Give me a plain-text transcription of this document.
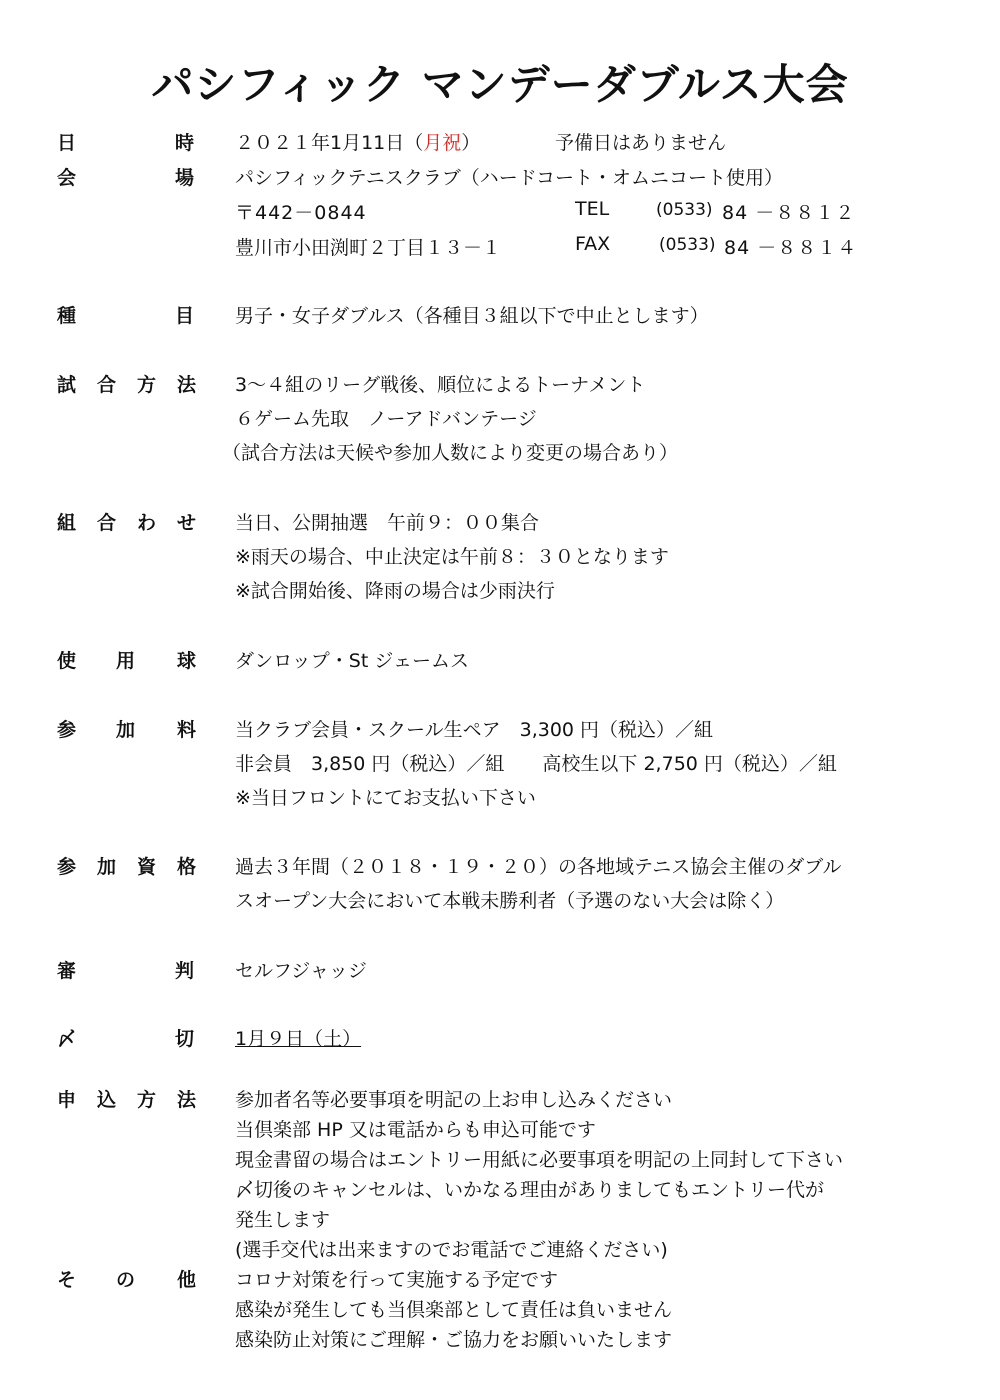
パシフィック マンデーダブルス大会
日	時 ２０２１年1月11日（月祝）	予備日はありません
会	場 パシフィックテニスクラブ（ハードコート・オムニコート使用）
〒442－0844
豊川市小田渕町２丁目１３－１
TEL	(0533) 84 －８８１２
FAX	(0533) 84 －８８１４
種	目 男子・女子ダブルス（各種目３組以下で中止とします）
試 合 方 法 3～４組のリーグ戦後、順位によるトーナメント
６ゲーム先取　ノーアドバンテージ
（試合方法は天候や参加人数により変更の場合あり）
組 合 わ せ 当日、公開抽選　午前９：００集合
※雨天の場合、中止決定は午前８：３０となります
※試合開始後、降雨の場合は少雨決行
使 用 球 ダンロップ・St ジェームス
参 加 料 当クラブ会員・スクール生ペア　3,300 円（税込）／組
非会員　3,850 円（税込）／組　　高校生以下 2,750 円（税込）／組
※当日フロントにてお支払い下さい
参 加 資 格 過去３年間（２０１８・１９・２０）の各地域テニス協会主催のダブル
スオープン大会において本戦未勝利者（予選のない大会は除く）
審	判 セルフジャッジ
〆	切 1月９日（土）
申 込 方 法 参加者名等必要事項を明記の上お申し込みください
当倶楽部 HP 又は電話からも申込可能です
現金書留の場合はエントリー用紙に必要事項を明記の上同封して下さい
〆切後のキャンセルは、いかなる理由がありましてもエントリー代が
発生します
(選手交代は出来ますのでお電話でご連絡ください)
そ の 他 コロナ対策を行って実施する予定です
感染が発生しても当倶楽部として責任は負いません
感染防止対策にご理解・ご協力をお願いいたします
